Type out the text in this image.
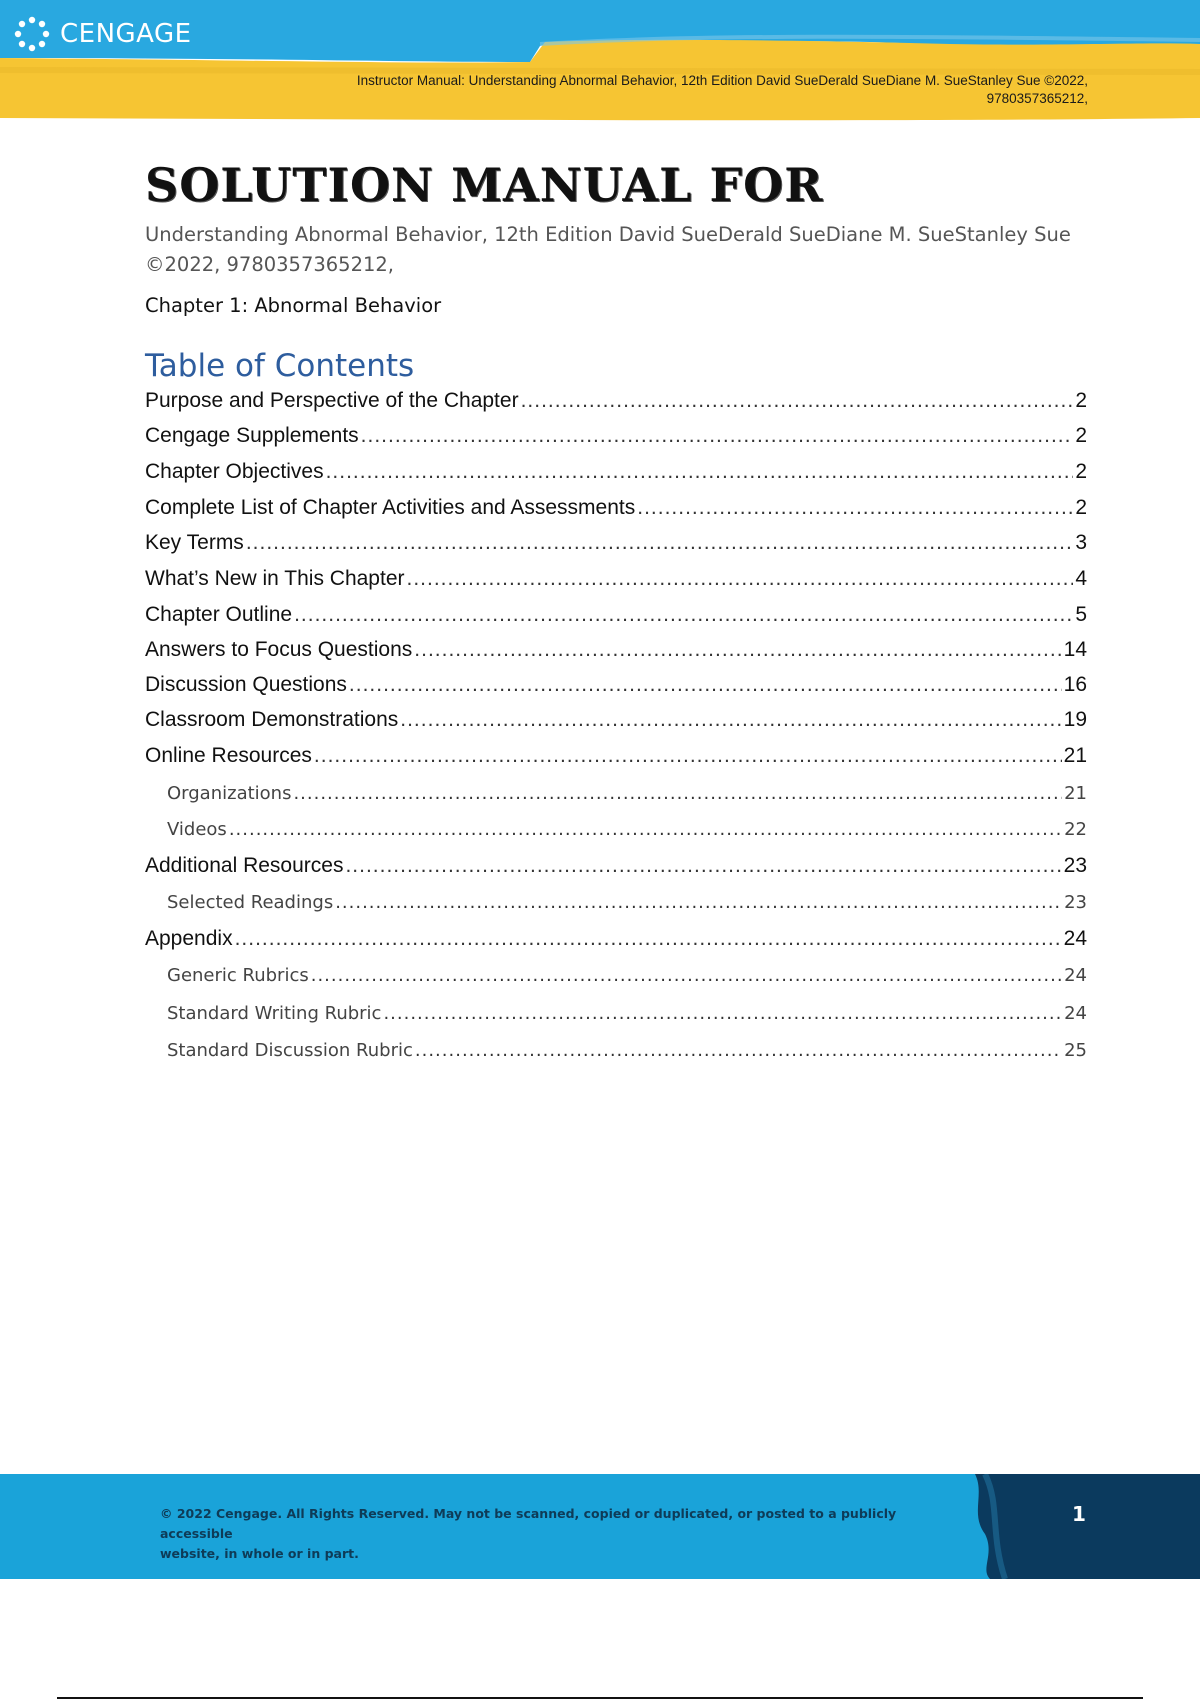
CENGAGE
Instructor Manual: Understanding Abnormal Behavior, 12th Edition David SueDerald SueDiane M. SueStanley Sue ©2022,
9780357365212,
SOLUTION MANUAL FOR
Understanding Abnormal Behavior, 12th Edition David SueDerald SueDiane M. SueStanley Sue ©2022, 9780357365212,
Chapter 1: Abnormal Behavior
Table of Contents
Purpose and Perspective of the Chapter .....	2
Cengage Supplements .....	2
Chapter Objectives .....	2
Complete List of Chapter Activities and Assessments .....	2
Key Terms .....	3
What’s New in This Chapter .....	4
Chapter Outline .....	5
Answers to Focus Questions .....	14
Discussion Questions .....	16
Classroom Demonstrations .....	19
Online Resources .....	21
Organizations .....	21
Videos .....	22
Additional Resources .....	23
Selected Readings .....	23
Appendix .....	24
Generic Rubrics .....	24
Standard Writing Rubric .....	24
Standard Discussion Rubric .....	25
© 2022 Cengage. All Rights Reserved. May not be scanned, copied or duplicated, or posted to a publicly accessible
website, in whole or in part.
1
